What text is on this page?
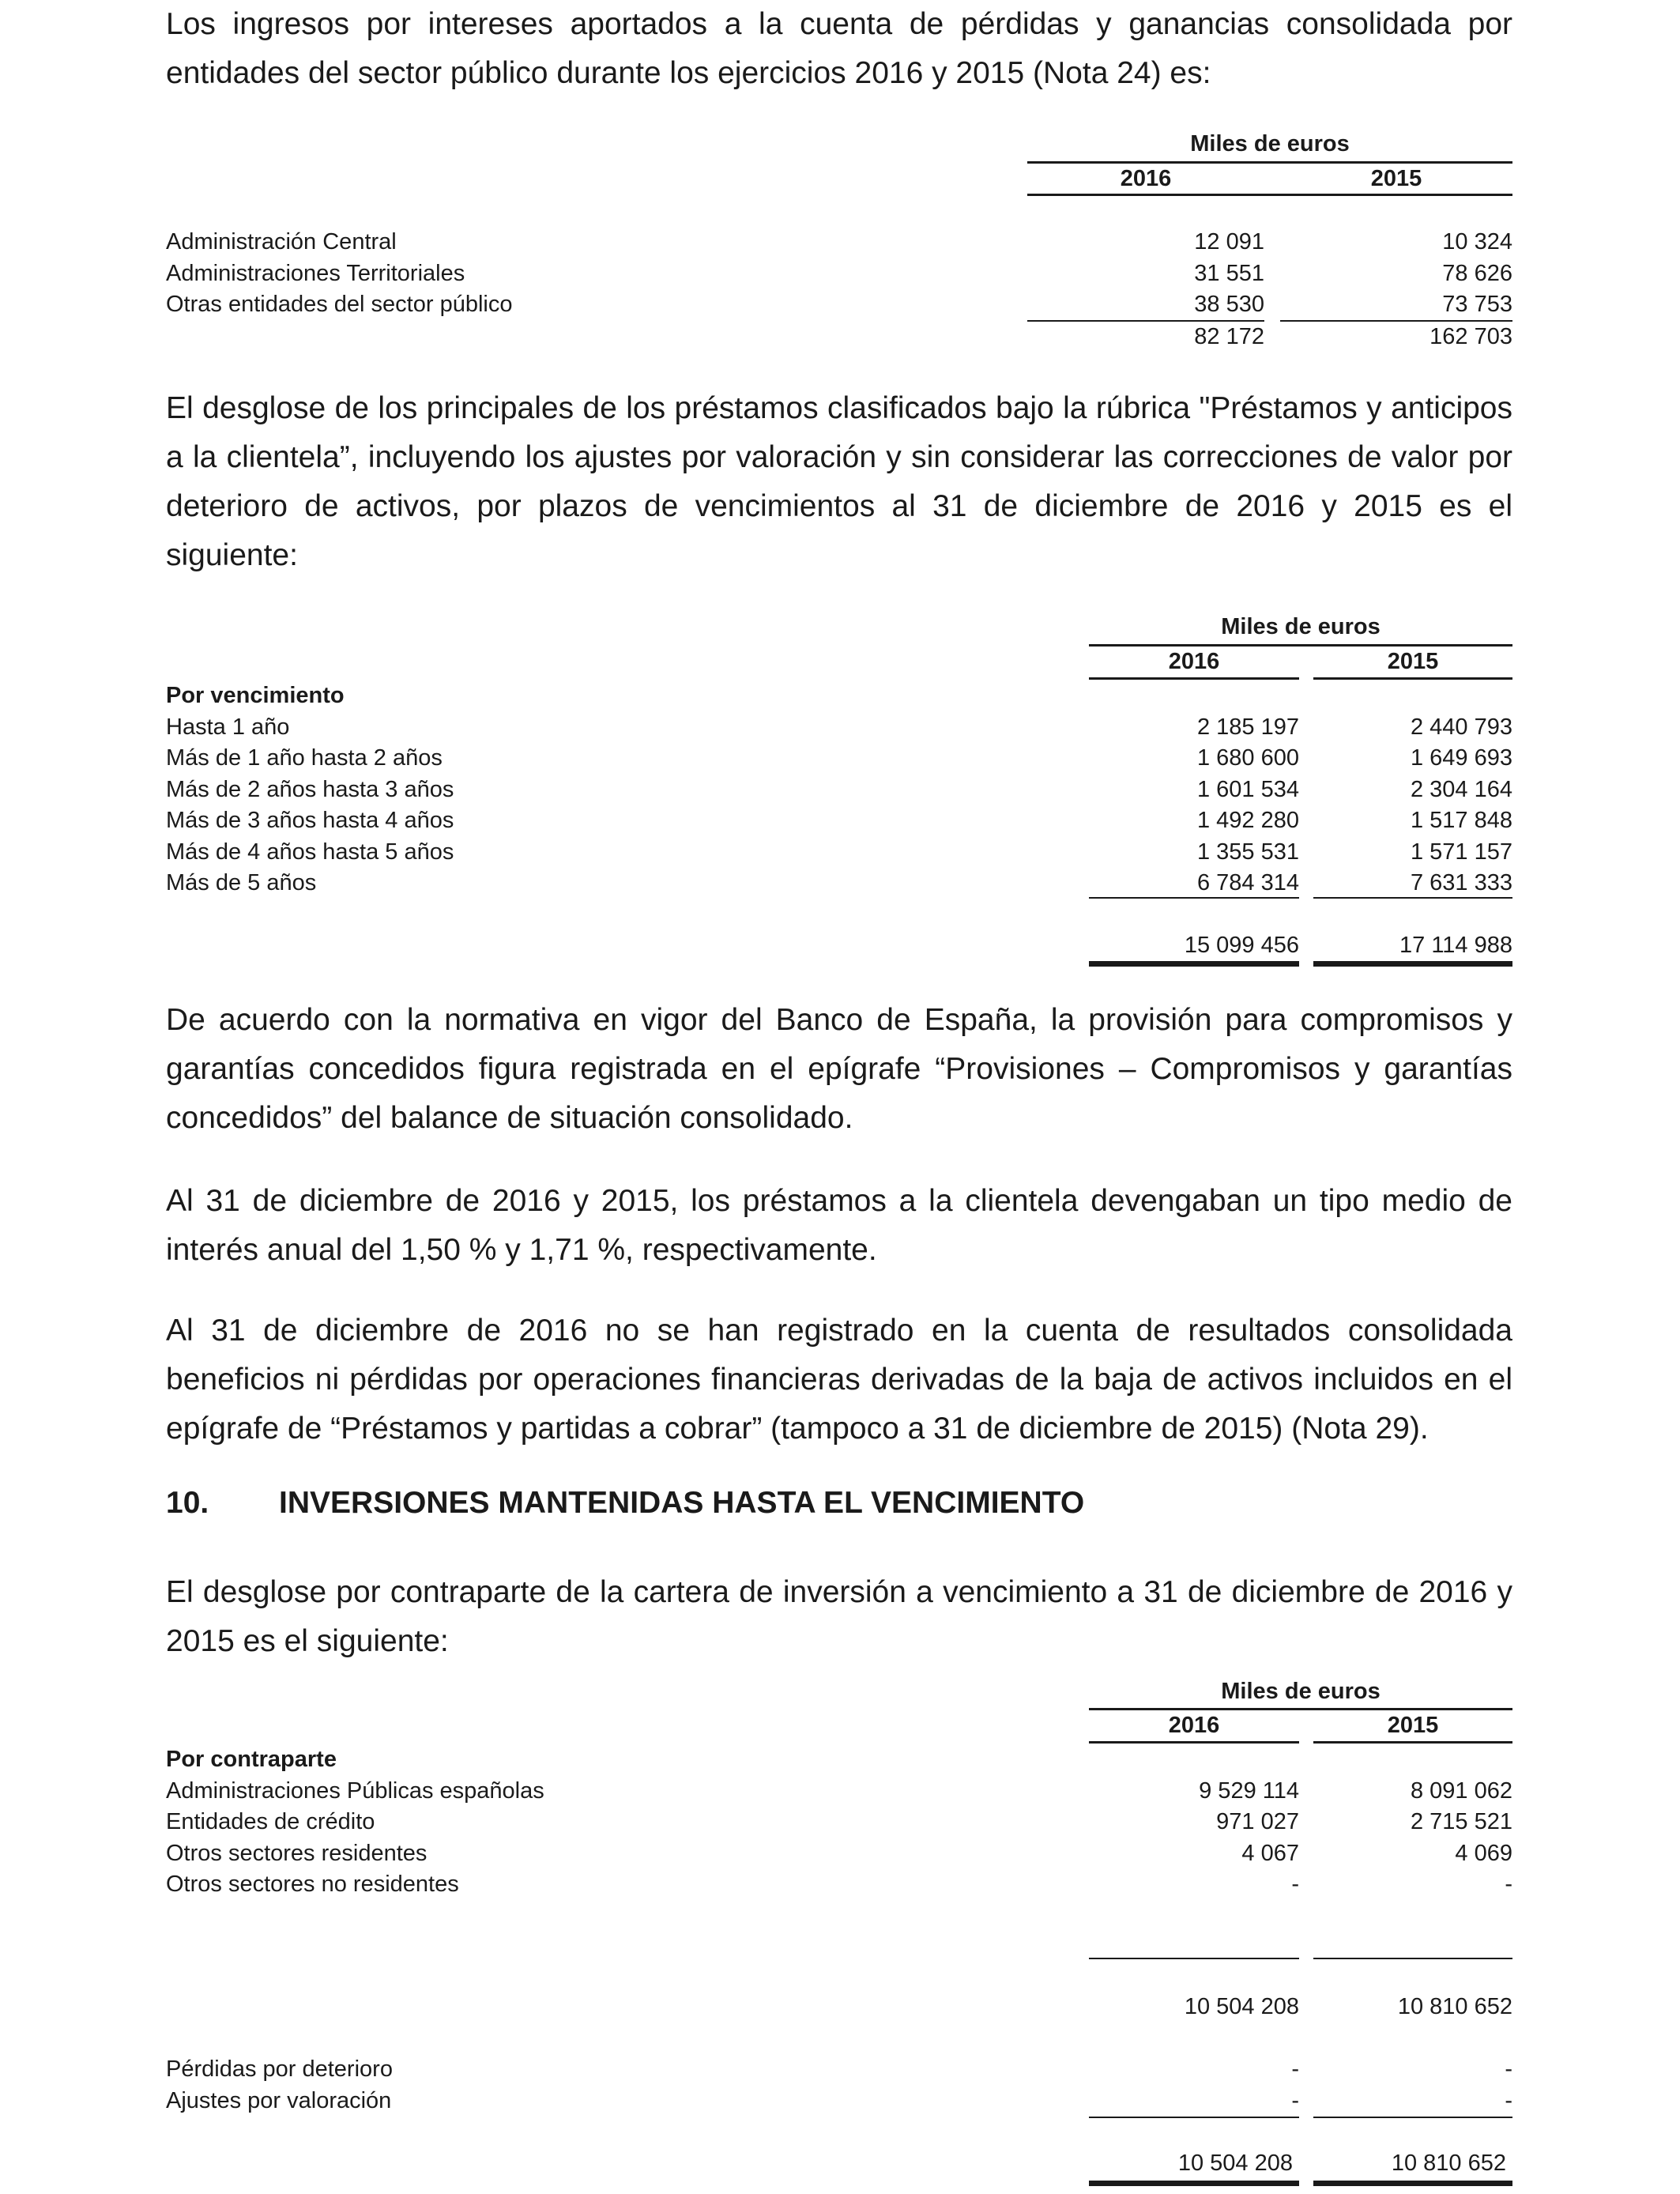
Los ingresos por intereses aportados a la cuenta de pérdidas y ganancias consolidada por entidades del sector público durante los ejercicios 2016 y 2015 (Nota 24) es:

Miles de euros
2016	2015
Administración Central	12 091	10 324
Administraciones Territoriales	31 551	78 626
Otras entidades del sector público	38 530	73 753
82 172	162 703

El desglose de los principales de los préstamos clasificados bajo la rúbrica "Préstamos y anticipos a la clientela”, incluyendo los ajustes por valoración y sin considerar las correcciones de valor por deterioro de activos, por plazos de vencimientos al 31 de diciembre de 2016 y 2015 es el siguiente:

Miles de euros
2016	2015
Por vencimiento
Hasta 1 año	2 185 197	2 440 793
Más de 1 año hasta 2 años	1 680 600	1 649 693
Más de 2 años hasta 3 años	1 601 534	2 304 164
Más de 3 años hasta 4 años	1 492 280	1 517 848
Más de 4 años hasta 5 años	1 355 531	1 571 157
Más de 5 años	6 784 314	7 631 333
15 099 456	17 114 988

De acuerdo con la normativa en vigor del Banco de España, la provisión para compromisos y garantías concedidos figura registrada en el epígrafe “Provisiones – Compromisos y garantías concedidos” del balance de situación consolidado.

Al 31 de diciembre de 2016 y 2015, los préstamos a la clientela devengaban un tipo medio de interés anual del 1,50 % y 1,71 %, respectivamente.

Al 31 de diciembre de 2016 no se han registrado en la cuenta de resultados consolidada beneficios ni pérdidas por operaciones financieras derivadas de la baja de activos incluidos en el epígrafe de “Préstamos y partidas a cobrar” (tampoco a 31 de diciembre de 2015) (Nota 29).

10. INVERSIONES MANTENIDAS HASTA EL VENCIMIENTO

El desglose por contraparte de la cartera de inversión a vencimiento a 31 de diciembre de 2016 y 2015 es el siguiente:

Miles de euros
2016	2015
Por contraparte
Administraciones Públicas españolas	9 529 114	8 091 062
Entidades de crédito	971 027	2 715 521
Otros sectores residentes	4 067	4 069
Otros sectores no residentes	-	-
10 504 208	10 810 652
Pérdidas por deterioro	-	-
Ajustes por valoración	-	-
10 504 208	10 810 652
